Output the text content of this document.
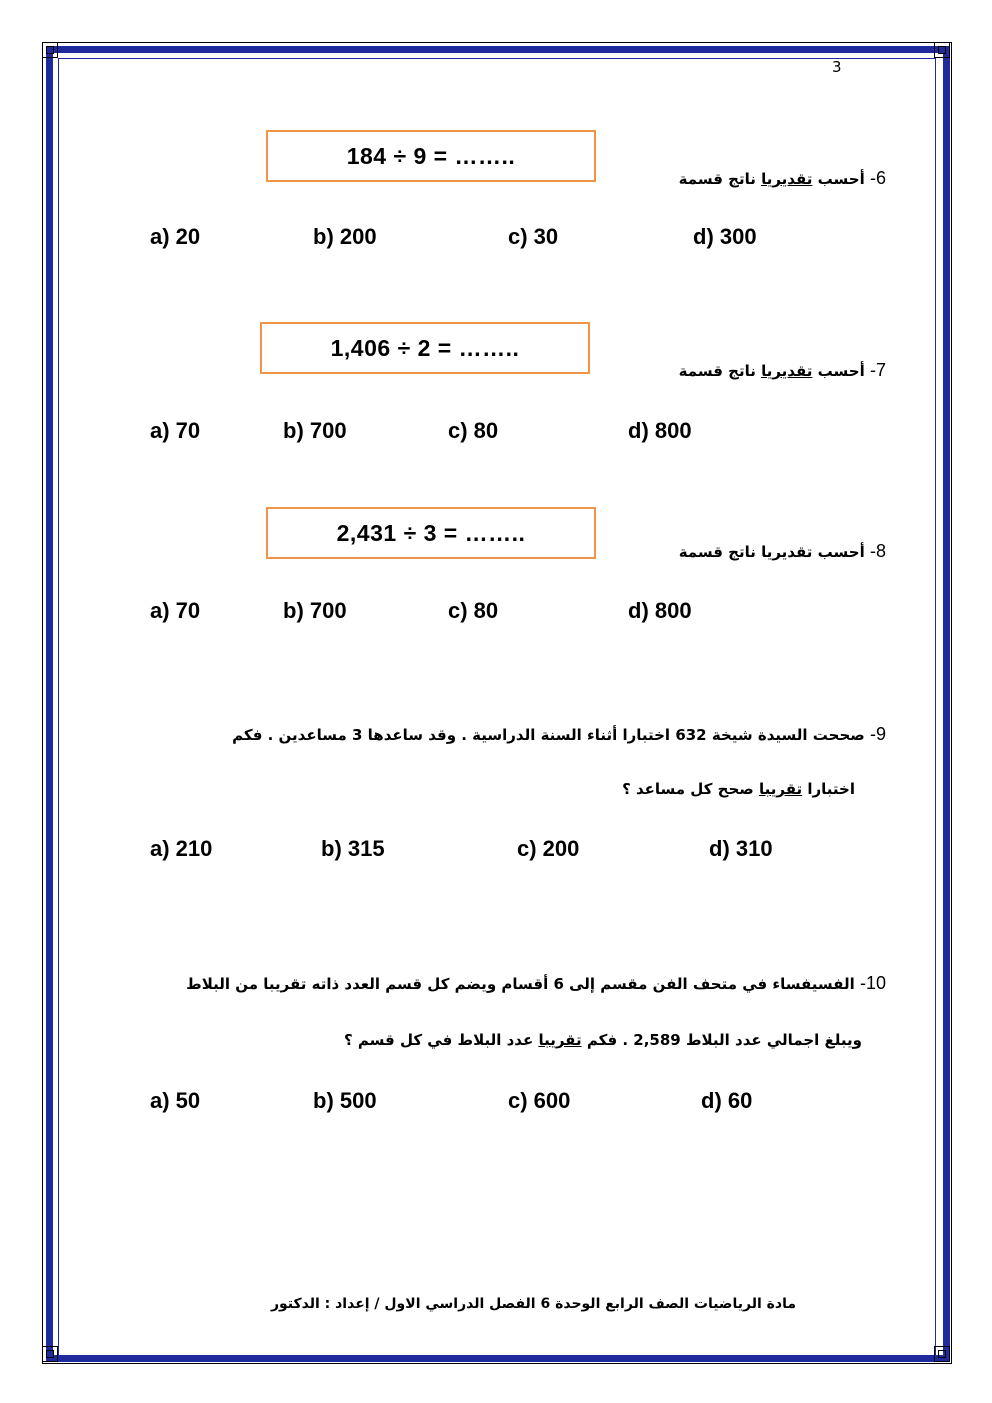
3
184 ÷ 9 = ……..
6- أحسب تقديريا ناتج قسمة
a) 20	b) 200	c) 30	d) 300
1,406 ÷ 2 = ……..
7- أحسب تقديريا ناتج قسمة
a) 70	b) 700	c) 80	d) 800
2,431 ÷ 3 = ……..
8- أحسب تقديريا ناتج قسمة
a) 70	b) 700	c) 80	d) 800
9- صححت السيدة شيخة 632 اختبارا أثناء السنة الدراسية . وقد ساعدها 3 مساعدين . فكم
اختبارا تقريبا صحح كل مساعد ؟
a) 210	b) 315	c) 200	d) 310
10- الفسيفساء في متحف الفن مقسم إلى 6 أقسام ويضم كل قسم العدد ذاته تقريبا من البلاط
ويبلغ اجمالي عدد البلاط 2,589 . فكم تقريبا عدد البلاط في كل قسم ؟
a) 50	b) 500	c) 600	d) 60
مادة الرياضيات الصف الرابع الوحدة 6 الفصل الدراسي الاول / إعداد : الدكتور
